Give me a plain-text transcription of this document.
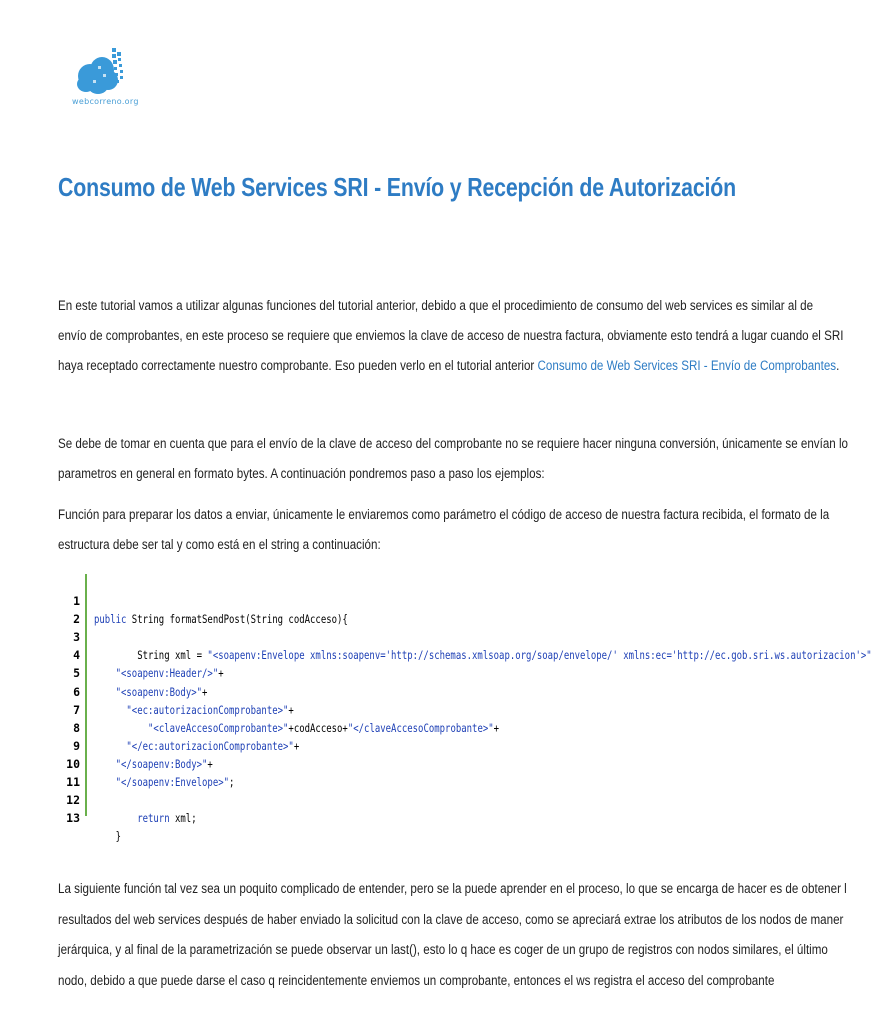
webcorreno.org
Consumo de Web Services SRI - Envío y Recepción de Autorización

En este tutorial vamos a utilizar algunas funciones del tutorial anterior, debido a que el procedimiento de consumo del web services es similar al de
envío de comprobantes, en este proceso se requiere que enviemos la clave de acceso de nuestra factura, obviamente esto tendrá a lugar cuando el SRI
haya receptado correctamente nuestro comprobante. Eso pueden verlo en el tutorial anterior Consumo de Web Services SRI - Envío de Comprobantes.

Se debe de tomar en cuenta que para el envío de la clave de acceso del comprobante no se requiere hacer ninguna conversión, únicamente se envían lo
parametros en general en formato bytes. A continuación pondremos paso a paso los ejemplos:

Función para preparar los datos a enviar, únicamente le enviaremos como parámetro el código de acceso de nuestra factura recibida, el formato de la
estructura debe ser tal y como está en el string a continuación:

1

public String formatSendPost(String codAcceso){

2

3

String xml = "<soapenv:Envelope xmlns:soapenv='http://schemas.xmlsoap.org/soap/envelope/' xmlns:ec='http://ec.gob.sri.ws.autorizacion'>"

4

"<soapenv:Header/>"+

5

"<soapenv:Body>"+

6

"<ec:autorizacionComprobante>"+

7

"<claveAccesoComprobante>"+codAcceso+"</claveAccesoComprobante>"+

8

"</ec:autorizacionComprobante>"+

9

"</soapenv:Body>"+

10

"</soapenv:Envelope>";

11

12

return xml;

13

}

La siguiente función tal vez sea un poquito complicado de entender, pero se la puede aprender en el proceso, lo que se encarga de hacer es de obtener l
resultados del web services después de haber enviado la solicitud con la clave de acceso, como se apreciará extrae los atributos de los nodos de maner
jerárquica, y al final de la parametrización se puede observar un last(), esto lo q hace es coger de un grupo de registros con nodos similares, el último
nodo, debido a que puede darse el caso q reincidentemente enviemos un comprobante, entonces el ws registra el acceso del comprobante
